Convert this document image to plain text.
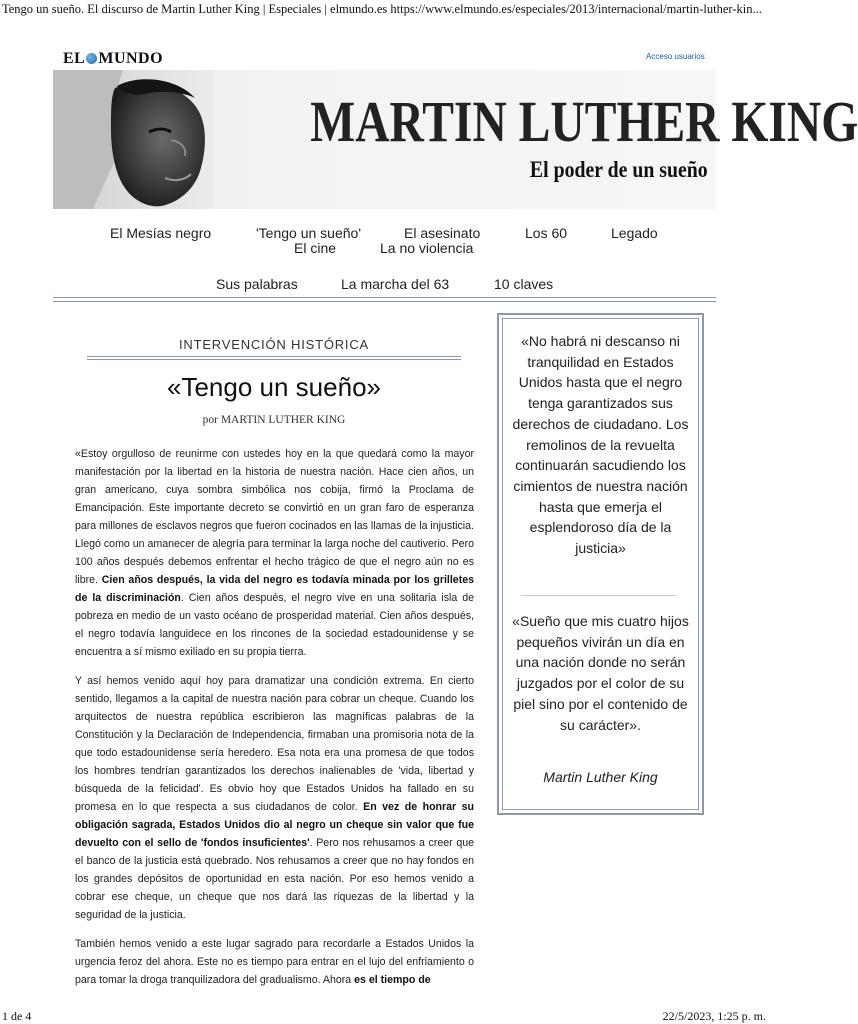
Tengo un sueño. El discurso de Martin Luther King | Especiales | elmundo.es https://www.elmundo.es/especiales/2013/internacional/martin-luther-kin...
EL MUNDO	Acceso usuarios
MARTIN LUTHER KING
El poder de un sueño
El Mesías negro	'Tengo un sueño'	El asesinato	Los 60	Legado
El cine	La no violencia
Sus palabras	La marcha del 63	10 claves
INTERVENCIÓN HISTÓRICA
«Tengo un sueño»
por MARTIN LUTHER KING

«Estoy orgulloso de reunirme con ustedes hoy en la que quedará como la mayor manifestación por la libertad en la historia de nuestra nación. Hace cien años, un gran americano, cuya sombra simbólica nos cobija, firmó la Proclama de Emancipación. Este importante decreto se convirtió en un gran faro de esperanza para millones de esclavos negros que fueron cocinados en las llamas de la injusticia. Llegó como un amanecer de alegría para terminar la larga noche del cautiverio. Pero 100 años después debemos enfrentar el hecho trágico de que el negro aún no es libre. Cien años después, la vida del negro es todavía minada por los grilletes de la discriminación. Cien años después, el negro vive en una solitaria isla de pobreza en medio de un vasto océano de prosperidad material. Cien años después, el negro todavía languidece en los rincones de la sociedad estadounidense y se encuentra a sí mismo exiliado en su propia tierra.

Y así hemos venido aquí hoy para dramatizar una condición extrema. En cierto sentido, llegamos a la capital de nuestra nación para cobrar un cheque. Cuando los arquitectos de nuestra república escribieron las magníficas palabras de la Constitución y la Declaración de Independencia, firmaban una promisoria nota de la que todo estadounidense sería heredero. Esa nota era una promesa de que todos los hombres tendrían garantizados los derechos inalienables de 'vida, libertad y búsqueda de la felicidad'. Es obvio hoy que Estados Unidos ha fallado en su promesa en lo que respecta a sus ciudadanos de color. En vez de honrar su obligación sagrada, Estados Unidos dio al negro un cheque sin valor que fue devuelto con el sello de 'fondos insuficientes'. Pero nos rehusamos a creer que el banco de la justicia está quebrado. Nos rehusamos a creer que no hay fondos en los grandes depósitos de oportunidad en esta nación. Por eso hemos venido a cobrar ese cheque, un cheque que nos dará las riquezas de la libertad y la seguridad de la justicia.

También hemos venido a este lugar sagrado para recordarle a Estados Unidos la urgencia feroz del ahora. Este no es tiempo para entrar en el lujo del enfriamiento o para tomar la droga tranquilizadora del gradualismo. Ahora es el tiempo de

«No habrá ni descanso ni tranquilidad en Estados Unidos hasta que el negro tenga garantizados sus derechos de ciudadano. Los remolinos de la revuelta continuarán sacudiendo los cimientos de nuestra nación hasta que emerja el esplendoroso día de la justicia»
«Sueño que mis cuatro hijos pequeños vivirán un día en una nación donde no serán juzgados por el color de su piel sino por el contenido de su carácter».
Martin Luther King
1 de 4	22/5/2023, 1:25 p. m.
